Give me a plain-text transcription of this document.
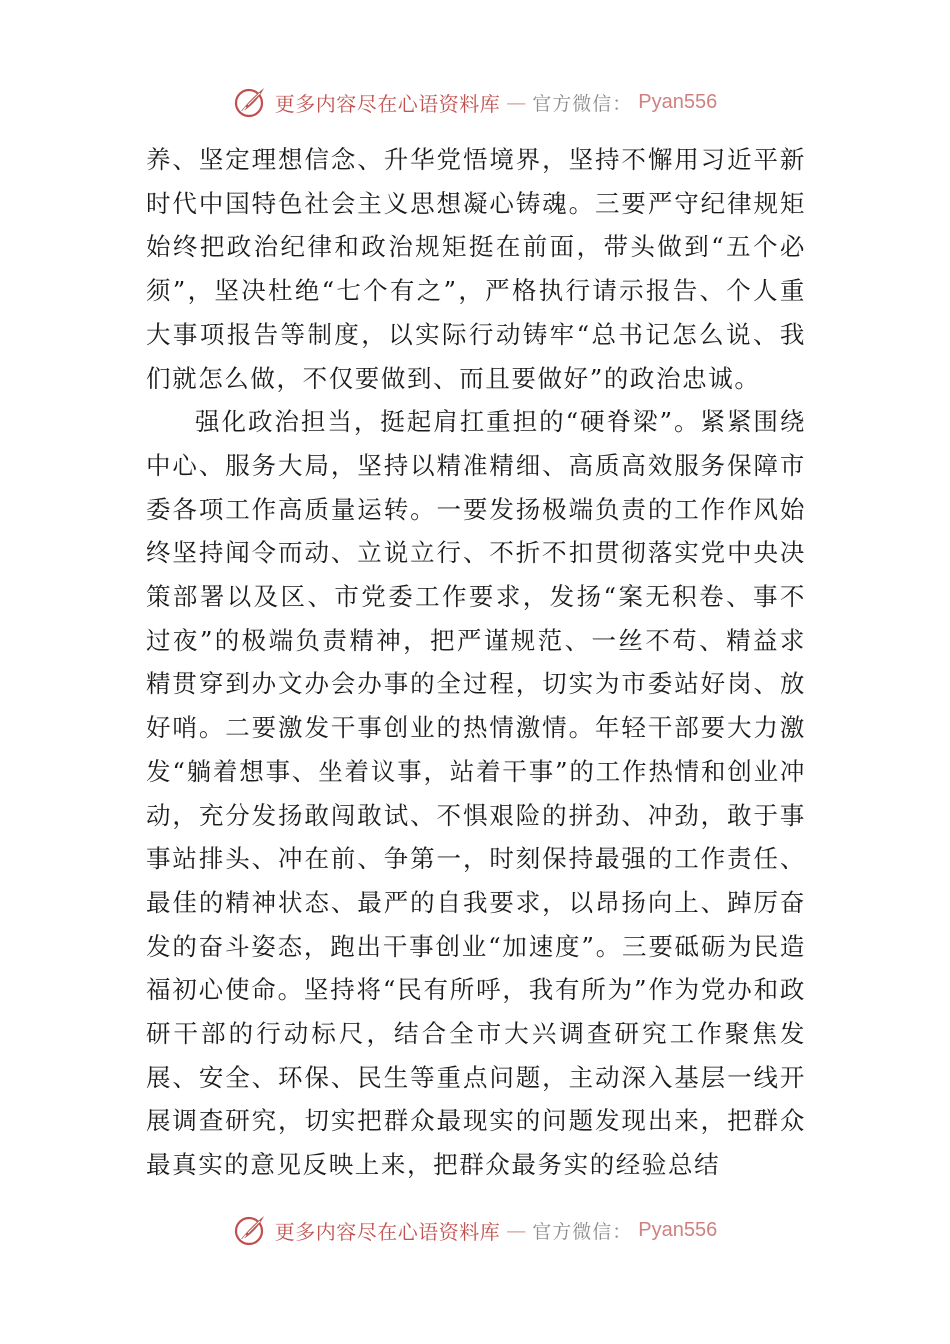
更多内容尽在心语资料库 — 官方微信： Pyan556

养、坚定理想信念、升华党悟境界，坚持不懈用习近平新时代中国特色社会主义思想凝心铸魂。三要严守纪律规矩始终把政治纪律和政治规矩挺在前面，带头做到“五个必须”，坚决杜绝“七个有之”，严格执行请示报告、个人重大事项报告等制度，以实际行动铸牢“总书记怎么说、我们就怎么做，不仅要做到、而且要做好”的政治忠诚。

强化政治担当，挺起肩扛重担的“硬脊梁”。紧紧围绕中心、服务大局，坚持以精准精细、高质高效服务保障市委各项工作高质量运转。一要发扬极端负责的工作作风始终坚持闻令而动、立说立行、不折不扣贯彻落实党中央决策部署以及区、市党委工作要求，发扬“案无积卷、事不过夜”的极端负责精神，把严谨规范、一丝不苟、精益求精贯穿到办文办会办事的全过程，切实为市委站好岗、放好哨。二要激发干事创业的热情激情。年轻干部要大力激发“躺着想事、坐着议事，站着干事”的工作热情和创业冲动，充分发扬敢闯敢试、不惧艰险的拼劲、冲劲，敢于事事站排头、冲在前、争第一，时刻保持最强的工作责任、最佳的精神状态、最严的自我要求，以昂扬向上、踔厉奋发的奋斗姿态，跑出干事创业“加速度”。三要砥砺为民造福初心使命。坚持将“民有所呼，我有所为”作为党办和政研干部的行动标尺，结合全市大兴调查研究工作聚焦发展、安全、环保、民生等重点问题，主动深入基层一线开展调查研究，切实把群众最现实的问题发现出来，把群众最真实的意见反映上来，把群众最务实的经验总结

更多内容尽在心语资料库 — 官方微信： Pyan556
